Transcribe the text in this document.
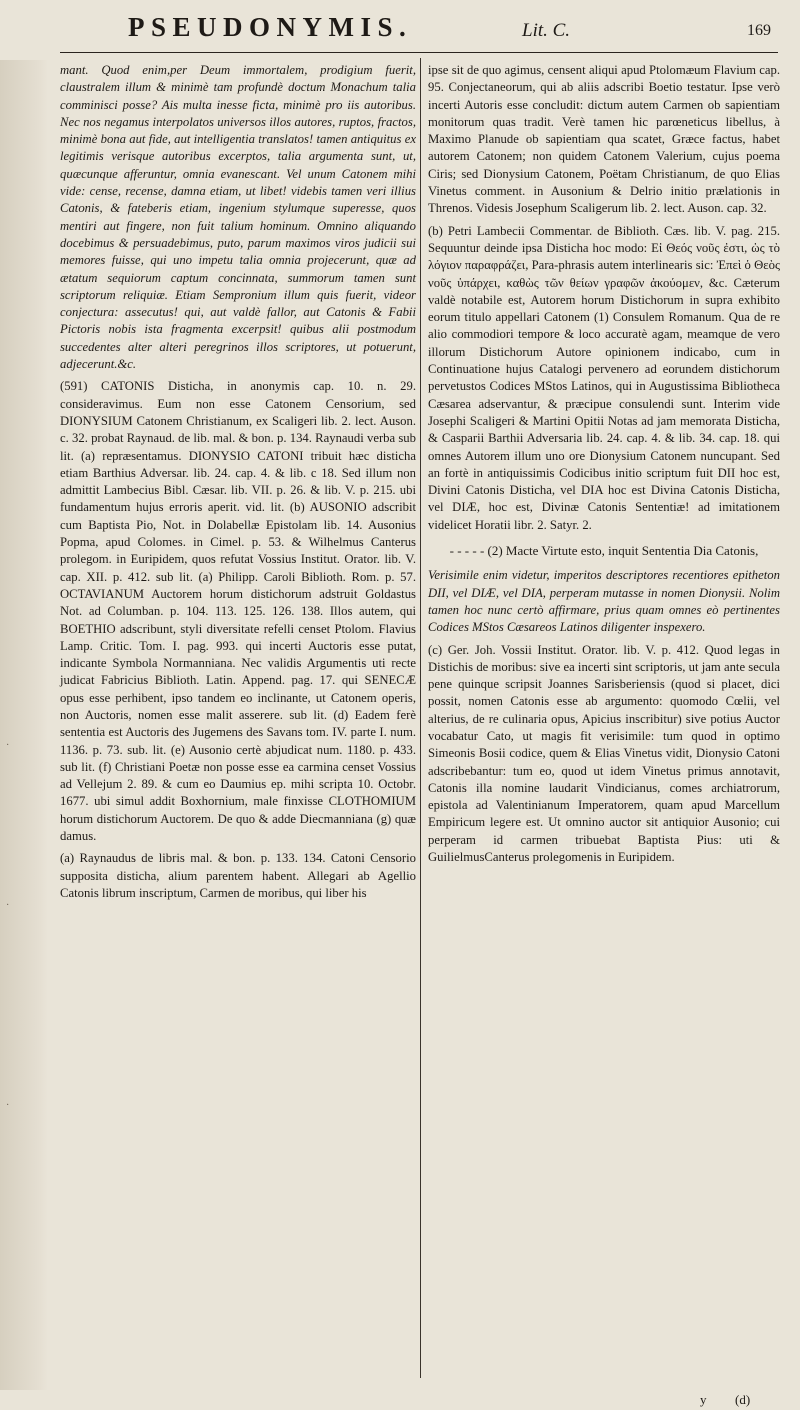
·
·
·
PSEUDONYMIS.	Lit. C.	169

mant. Quod enim,per Deum immortalem, prodigium fuerit, claustralem illum & minimè tam profundè doctum Monachum talia comminisci posse? Ais multa inesse ficta, minimè pro iis autoribus. Nec nos negamus interpolatos universos illos autores, ruptos, fractos, minimè bona aut fide, aut intelligentia translatos! tamen antiquitus ex legitimis verisque autoribus excerptos, talia argumenta sunt, ut, quæcunque afferuntur, omnia evanescant. Vel unum Catonem mihi vide: censе, recense, damna etiam, ut libet! videbis tamen veri illius Catonis, & fateberis etiam, ingenium stylumque superesse, quos mentiri aut fingere, non fuit talium hominum. Omnino aliquando docebimus & persuadebimus, puto, parum maximos viros judicii sui memores fuisse, qui uno impetu talia omnia projecerunt, quæ ad ætatum sequiorum captum concinnata, summorum tamen sunt scriptorum reliquiæ. Etiam Sempronium illum quis fuerit, videor conjectura: assecutus! qui, aut valdè fallor, aut Catonis & Fabii Pictoris nobis ista fragmenta excerpsit! quibus alii postmodum succedentes alter alteri peregrinos illos scriptores, ut potuerunt, adjecerunt.&c.

(591) CATONIS Disticha, in anonymis cap. 10. n. 29. consideravimus. Eum non esse Catonem Censorium, sed DIONYSIUM Catonem Christianum, ex Scaligeri lib. 2. lect. Auson. c. 32. probat Raynaud. de lib. mal. & bon. p. 134. Raynaudi verba sub lit. (a) repræsentamus. DIONYSIO CATONI tribuit hæc disticha etiam Barthius Adversar. lib. 24. cap. 4. & lib. c 18. Sed illum non admittit Lambecius Bibl. Cæsar. lib. VII. p. 26. & lib. V. p. 215. ubi fundamentum hujus erroris aperit. vid. lit. (b) AUSONIO adscribit cum Baptista Pio, Not. in Dolabellæ Epistolam lib. 14. Ausonius Popma, apud Colomes. in Cimel. p. 53. & Wilhelmus Canterus prolegom. in Euripidem, quos refutat Vossius Institut. Orator. lib. V. cap. XII. p. 412. sub lit. (a) Philipp. Caroli Biblioth. Rom. p. 57. OCTAVIANUM Auctorem horum distichorum adstruit Goldastus Not. ad Columban. p. 104. 113. 125. 126. 138. Illos autem, qui BOETHIO adscribunt, styli diversitate refelli censet Ptolom. Flavius Lamp. Critic. Tom. I. pag. 993. qui incerti Auctoris esse putat, indicante Symbola Normanniana. Nec validis Argumentis uti recte judicat Fabricius Biblioth. Latin. Append. pag. 17. qui SENECÆ opus esse perhibent, ipso tandem eo inclinante, ut Catonem operis, non Auctoris, nomen esse malit asserere. sub lit. (d) Eadem ferè sententia est Auctoris des Jugemens des Savans tom. IV. parte I. num. 1136. p. 73. sub. lit. (e) Ausonio certè abjudicat num. 1180. p. 433. sub lit. (f) Christiani Poetæ non posse esse ea carmina censet Vossius ad Vellejum 2. 89. & cum eo Daumius ep. mihi scripta 10. Octobr. 1677. ubi simul addit Boxhornium, male finxisse CLOTHOMIUM horum distichorum Auctorem. De quo & adde Diecmanniana (g) quæ damus.

(a) Raynaudus de libris mal. & bon. p. 133. 134. Catoni Censorio supposita disticha, alium parentem habent. Allegari ab Agellio Catonis librum inscriptum, Carmen de moribus, qui liber his

ipse sit de quo agimus, censent aliqui apud Ptolomæum Flavium cap. 95. Conjectaneorum, qui ab aliis adscribi Boetio testatur. Ipse verò incerti Autoris esse concludit: dictum autem Carmen ob sapientiam monitorum quas tradit. Verè tamen hic parœneticus libellus, à Maximo Planude ob sapientiam qua scatet, Græce factus, habet autorem Catonem; non quidem Catonem Valerium, cujus poema Ciris; sed Dionysium Catonem, Poëtam Christianum, de quo Elias Vinetus comment. in Ausonium & Delrio initio prælationis in Threnos. Videsis Josephum Scaligerum lib. 2. lect. Auson. cap. 32.

(b) Petri Lambecii Commentar. de Biblioth. Cæs. lib. V. pag. 215. Sequuntur deinde ipsa Disticha hoc modo: Εἰ Θεός νοῦς ἐστι, ὡς τὸ λόγιον παραφράζει, Para-phrasis autem interlinearis sic: Ἐπεὶ ὁ Θεὸς νοῦς ὑπάρχει, καθὼς τῶν θείων γραφῶν ἀκούομεν, &c. Cæterum valdè notabile est, Autorem horum Distichorum in supra exhibito eorum titulo appellari Catonem (1) Consulem Romanum. Qua de re alio commodiori tempore & loco accuratè agam, meamque de vero illorum Distichorum Autore opinionem indicabo, cum in Continuatione hujus Catalogi pervenero ad eorundem distichorum pervetustos Codices MStos Latinos, qui in Augustissima Bibliotheca Cæsarea adservantur, & præcipue consulendi sunt. Interim vide Josephi Scaligeri & Martini Opitii Notas ad jam memorata Disticha, & Casparii Barthii Adversaria lib. 24. cap. 4. & lib. 34. cap. 18. qui omnes Autorem illum uno ore Dionysium Catonem nuncupant. Sed an fortè in antiquissimis Codicibus initio scriptum fuit DII hoc est, Divini Catonis Disticha, vel DIA hoc est Divina Catonis Disticha, vel DIÆ, hoc est, Divinæ Catonis Sententiæ! ad imitationem videlicet Horatii libr. 2. Satyr. 2.

- - - - - (2) Macte Virtute esto, inquit Sententia Dia Catonis,

Verisimile enim videtur, imperitos descriptores recentiores epitheton DII, vel DIÆ, vel DIA, perperam mutasse in nomen Dionysii. Nolim tamen hoc nunc certò affirmare, prius quam omnes eò pertinentes Codices MStos Cæsareos Latinos diligenter inspexero.

(c) Ger. Joh. Vossii Institut. Orator. lib. V. p. 412. Quod legas in Distichis de moribus: sive ea incerti sint scriptoris, ut jam ante secula pene quinque scripsit Joannes Sarisberiensis (quod si placet, dici possit, nomen Catonis esse ab argumento: quomodo Cœlii, vel alterius, de re culinaria opus, Apicius inscribitur) sive potius Auctor vocabatur Cato, ut magis fit verisimile: tum quod in optimo Simeonis Bosii codice, quem & Elias Vinetus vidit, Dionysio Catoni adscribebantur: tum eo, quod ut idem Vinetus primus annotavit, Catonis illa nomine laudarit Vindicianus, comes archiatrorum, epistola ad Valentinianum Imperatorem, quam apud Marcellum Empiricum legere est. Ut omnino auctor sit antiquior Ausonio; cui perperam id carmen tribuebat Baptista Pius: uti & GuilielmusCanterus prolegomenis in Euripidem.

y (d)
